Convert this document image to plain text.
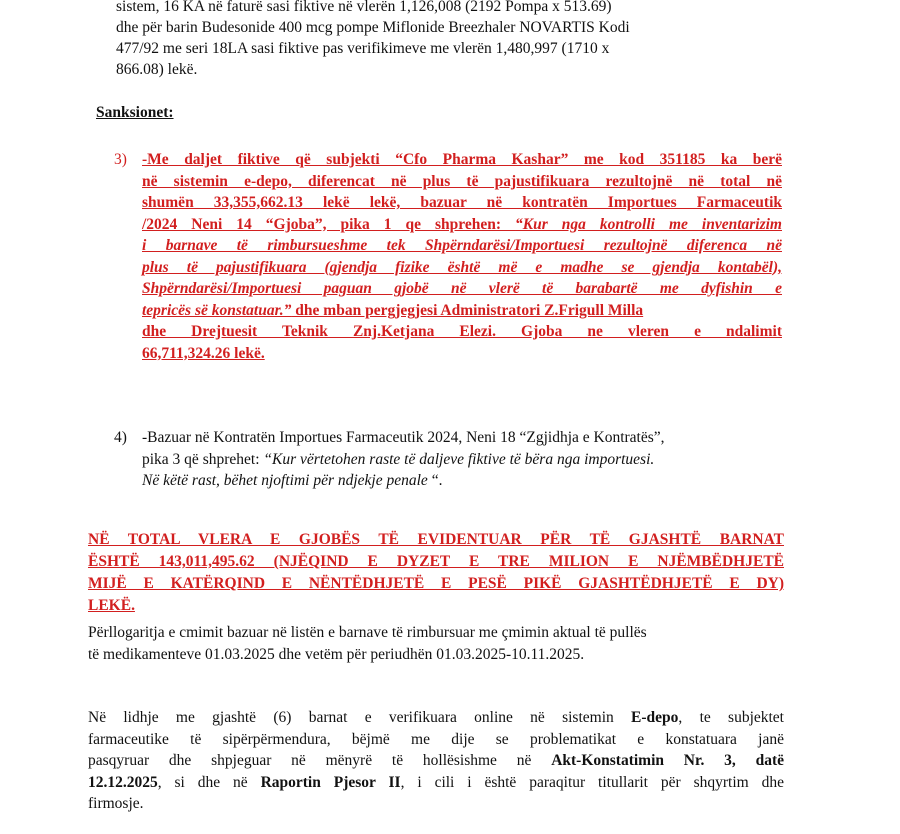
sistem, 16 KA në faturë sasi fiktive në vlerën 1,126,008 (2192 Pompa x 513.69)
dhe për barin Budesonide 400 mcg pompe Miflonide Breezhaler NOVARTIS Kodi
477/92 me seri 18LA sasi fiktive pas verifikimeve me vlerën 1,480,997 (1710 x
866.08) lekë.
Sanksionet:
3) -Me daljet fiktive që subjekti “Cfo Pharma Kashar” me kod 351185 ka berë
në sistemin e-depo, diferencat në plus të pajustifikuara rezultojnë në total në
shumën 33,355,662.13 lekë lekë, bazuar në kontratën Importues Farmaceutik
/2024 Neni 14 “Gjoba”, pika 1 qe shprehen: “Kur nga kontrolli me inventarizim
i barnave të rimbursueshme tek Shpërndarësi/Importuesi rezultojnë diferenca në
plus të pajustifikuara (gjendja fizike është më e madhe se gjendja kontabël),
Shpërndarësi/Importuesi paguan gjobë në vlerë të barabartë me dyfishin e
tepricës së konstatuar.” dhe mban pergjegjesi Administratori Z.Frigull Milla
dhe Drejtuesit Teknik Znj.Ketjana Elezi. Gjoba ne vleren e ndalimit
66,711,324.26 lekë.
4) -Bazuar në Kontratën Importues Farmaceutik 2024, Neni 18 “Zgjidhja e Kontratës”,
pika 3 që shprehet: “Kur vërtetohen raste të daljeve fiktive të bëra nga importuesi.
Në këtë rast, bëhet njoftimi për ndjekje penale “.
NË TOTAL VLERA E GJOBËS TË EVIDENTUAR PËR TË GJASHTË BARNAT
ËSHTË 143,011,495.62 (NJËQIND E DYZET E TRE MILION E NJËMBËDHJETË
MIJË E KATËRQIND E NËNTËDHJETË E PESË PIKË GJASHTËDHJETË E DY)
LEKË.
Përllogaritja e cmimit bazuar në listën e barnave të rimbursuar me çmimin aktual të pullës
të medikamenteve 01.03.2025 dhe vetëm për periudhën 01.03.2025-10.11.2025.
Në lidhje me gjashtë (6) barnat e verifikuara online në sistemin E-depo, te subjektet
farmaceutike të sipërpërmendura, bëjmë me dije se problematikat e konstatuara janë
pasqyruar dhe shpjeguar në mënyrë të hollësishme në Akt-Konstatimin Nr. 3, datë
12.12.2025, si dhe në Raportin Pjesor II, i cili i është paraqitur titullarit për shqyrtim dhe
firmosje.
